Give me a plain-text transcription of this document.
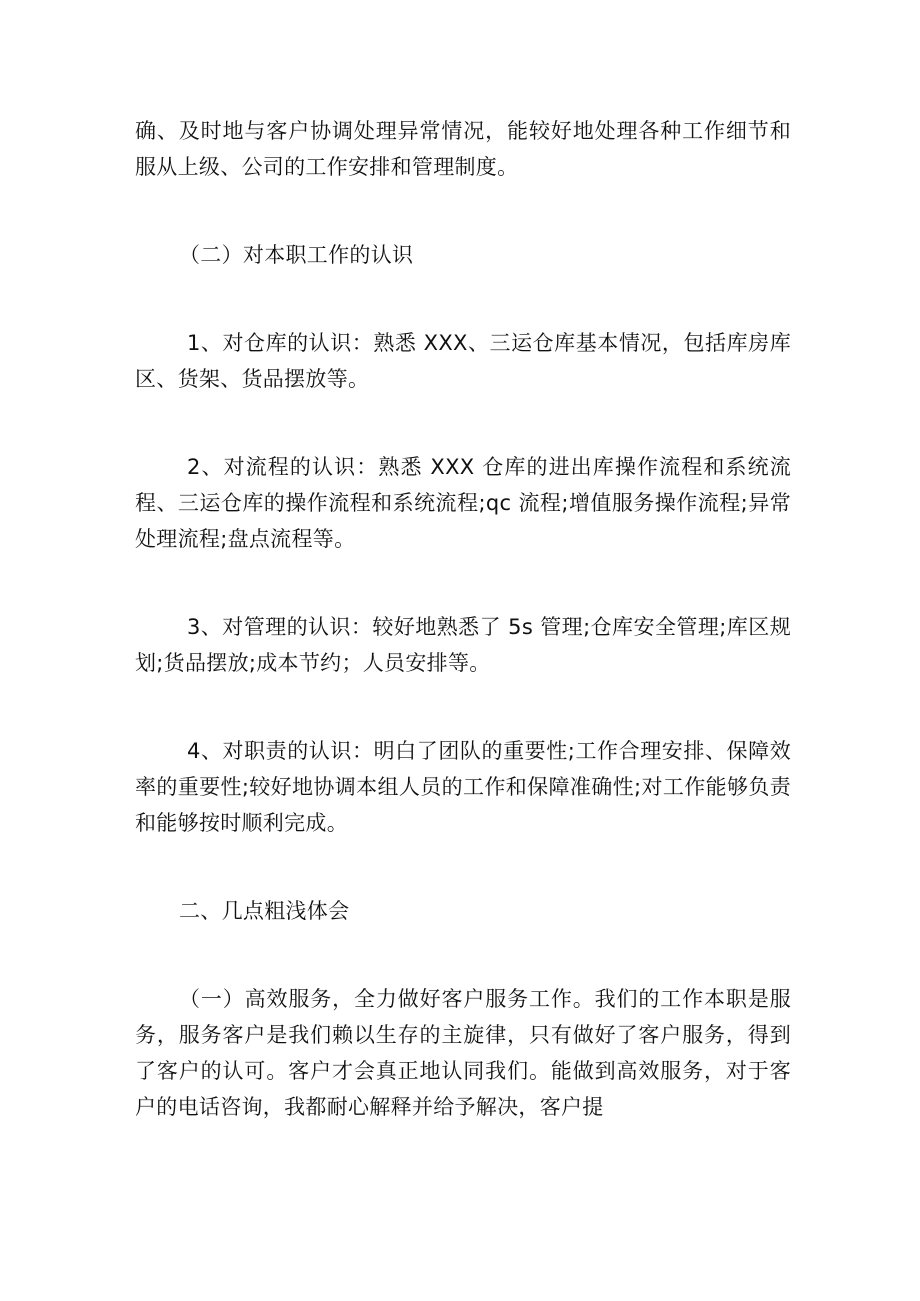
确、及时地与客户协调处理异常情况，能较好地处理各种工作细节和服从上级、公司的工作安排和管理制度。

（二）对本职工作的认识

1、对仓库的认识：熟悉 XXX、三运仓库基本情况，包括库房库区、货架、货品摆放等。

2、对流程的认识：熟悉 XXX 仓库的进出库操作流程和系统流程、三运仓库的操作流程和系统流程;qc 流程;增值服务操作流程;异常处理流程;盘点流程等。

3、对管理的认识：较好地熟悉了 5s 管理;仓库安全管理;库区规划;货品摆放;成本节约；人员安排等。

4、对职责的认识：明白了团队的重要性;工作合理安排、保障效率的重要性;较好地协调本组人员的工作和保障准确性;对工作能够负责和能够按时顺利完成。

二、几点粗浅体会

（一）高效服务，全力做好客户服务工作。我们的工作本职是服务，服务客户是我们赖以生存的主旋律，只有做好了客户服务，得到了客户的认可。客户才会真正地认同我们。能做到高效服务，对于客户的电话咨询，我都耐心解释并给予解决，客户提
